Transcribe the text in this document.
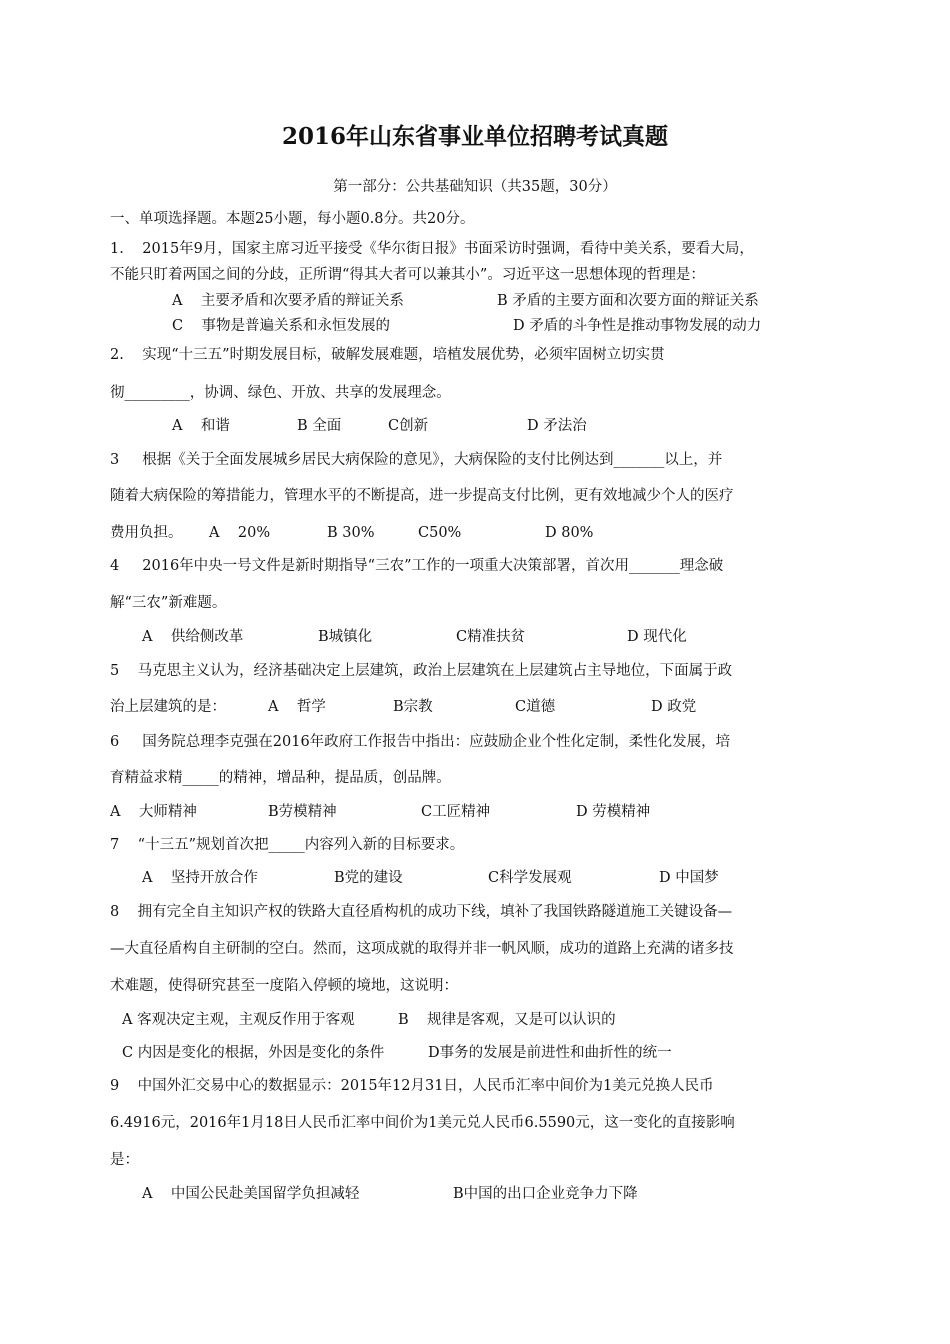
2016年山东省事业单位招聘考试真题
第一部分：公共基础知识（共35题，30分）
一、单项选择题。本题25小题，每小题0.8分。共20分。
1.    2015年9月，国家主席习近平接受《华尔街日报》书面采访时强调，看待中美关系，要看大局，
不能只盯着两国之间的分歧，正所谓“得其大者可以兼其小”。习近平这一思想体现的哲理是：
A    主要矛盾和次要矛盾的辩证关系	B 矛盾的主要方面和次要方面的辩证关系
C    事物是普遍关系和永恒发展的	D 矛盾的斗争性是推动事物发展的动力
2.    实现“十三五”时期发展目标，破解发展难题，培植发展优势，必须牢固树立切实贯
彻_________，协调、绿色、开放、共享的发展理念。
A    和谐	B 全面	C创新	D 矛法治
3     根据《关于全面发展城乡居民大病保险的意见》，大病保险的支付比例达到_______以上，并
随着大病保险的筹措能力，管理水平的不断提高，进一步提高支付比例，更有效地减少个人的医疗
费用负担。 A    20%	B 30%	C50%	D 80%
4     2016年中央一号文件是新时期指导“三农”工作的一项重大决策部署，首次用_______理念破
解“三农”新难题。
A    供给侧改革	B城镇化	C精准扶贫	D 现代化
5    马克思主义认为，经济基础决定上层建筑，政治上层建筑在上层建筑占主导地位，下面属于政
治上层建筑的是：	A    哲学	B宗教	C道德	D 政党
6     国务院总理李克强在2016年政府工作报告中指出：应鼓励企业个性化定制，柔性化发展，培
育精益求精_____的精神，增品种，提品质，创品牌。
A    大师精神	B劳模精神	C工匠精神	D 劳模精神
7    “十三五”规划首次把_____内容列入新的目标要求。
A    坚持开放合作	B党的建设	C科学发展观	D 中国梦
8    拥有完全自主知识产权的铁路大直径盾构机的成功下线，填补了我国铁路隧道施工关键设备—
—大直径盾构自主研制的空白。然而，这项成就的取得并非一帆风顺，成功的道路上充满的诸多技
术难题，使得研究甚至一度陷入停顿的境地，这说明：
A 客观决定主观，主观反作用于客观	B    规律是客观，又是可以认识的
C 内因是变化的根据，外因是变化的条件	D事务的发展是前进性和曲折性的统一
9    中国外汇交易中心的数据显示：2015年12月31日，人民币汇率中间价为1美元兑换人民币
6.4916元，2016年1月18日人民币汇率中间价为1美元兑人民币6.5590元，这一变化的直接影响
是：
A    中国公民赴美国留学负担减轻	B中国的出口企业竞争力下降
